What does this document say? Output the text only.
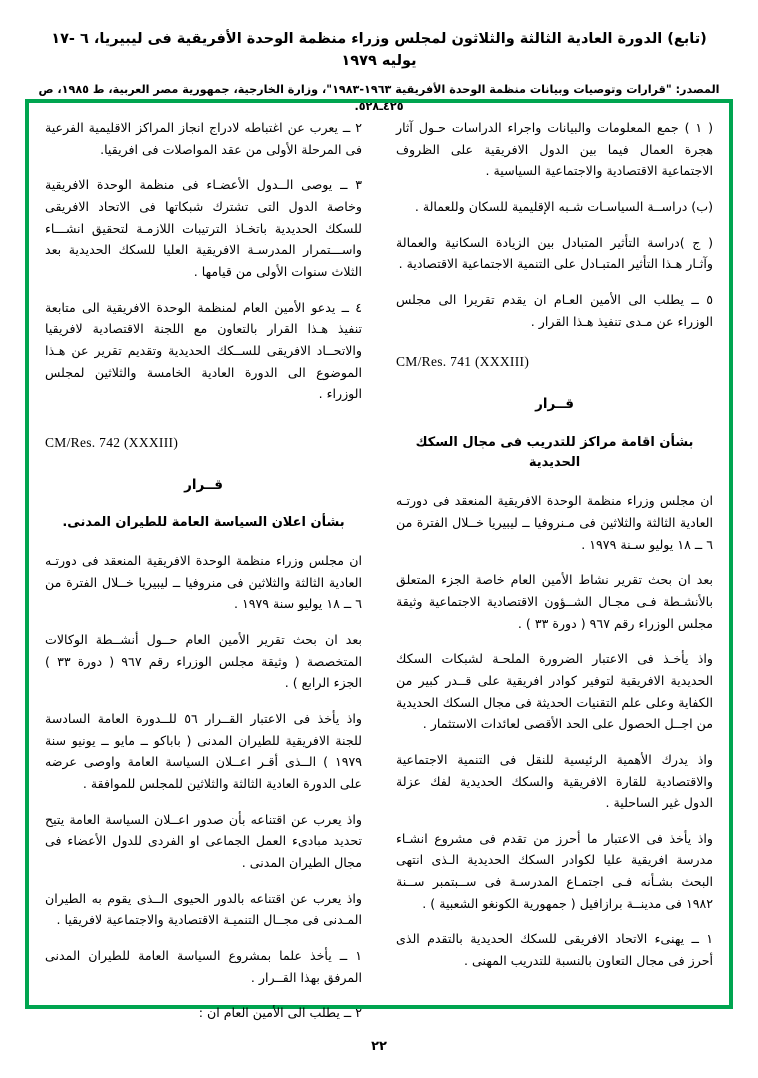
(تابع) الدورة العادية الثالثة والثلاثون لمجلس وزراء منظمة الوحدة الأفريقية فى ليبيريا، ٦ -١٧ يوليه ١٩٧٩
المصدر: "قرارات وتوصيات وبيانات منظمة الوحدة الأفريقية ١٩٦٣-١٩٨٣"، وزارة الخارجية، جمهورية مصر العربية، ط ١٩٨٥، ص ٤٢٥ـ٥٢٨.

( ١ ) جمع المعلومات والبيانات واجراء الدراسات حـول آثار هجرة العمال فيما بين الدول الافريقية على الظروف الاجتماعية الاقتصادية والاجتماعية السياسية .

(ب) دراســة السياسـات شـبه الإقليمية للسكان وللعمالة .

( ج )دراسة التأثير المتبادل بين الزيادة السكانية والعمالة وآثـار هـذا التأثير المتبـادل على التنمية الاجتماعية الاقتصادية .

٥ ــ يطلب الى الأمين العـام ان يقدم تقريرا الى مجلس الوزراء عن مـدى تنفيذ هـذا القرار .

CM/Res. 741 (XXXIII)
قــرار
بشأن اقامة مراكز للتدريب فى مجال السكك الحديدية

ان مجلس وزراء منظمة الوحدة الافريقية المنعقد فى دورتـه العادية الثالثة والثلاثين فى مـنروفيا ــ ليبيريا خــلال الفترة من ٦ ــ ١٨ يوليو سـنة ١٩٧٩ .

بعد ان بحث تقرير نشاط الأمين العام خاصة الجزء المتعلق بالأنشـطة فـى مجـال الشــؤون الاقتصادية الاجتماعية وثيقة مجلس الوزراء رقم ٩٦٧ ( دورة ٣٣ ) .

واذ يأخـذ فى الاعتبار الضرورة الملحـة لشبكات السكك الحديدية الافريقية لتوفير كوادر افريقية على قــدر كبير من الكفاية وعلى علم التقنيات الحديثة فى مجال السكك الحديدية من اجــل الحصول على الحد الأقصى لعائدات الاستثمار .

واذ يدرك الأهمية الرئيسية للنقل فى التنمية الاجتماعية والاقتصادية للقارة الافريقية والسكك الحديدية لفك عزلة الدول غير الساحلية .

واذ يأخذ فى الاعتبار ما أحرز من تقدم فى مشروع انشـاء مدرسة افريقية عليا لكوادر السكك الحديدية الـذى انتهى البحث بشـأنه فـى اجتمـاع المدرسـة فى ســبتمبر ســنة ١٩٨٢ فى مدينــة برازافيل ( جمهورية الكونغو الشعبية ) .

١ ــ يهنىء الاتحاد الافريقى للسكك الحديدية بالتقدم الذى أحرز فى مجال التعاون بالنسبة للتدريب المهنى .

٢ ــ يعرب عن اغتباطه لادراج انجاز المراكز الاقليمية الفرعية فى المرحلة الأولى من عقد المواصلات فى افريقيا.

٣ ــ يوصى الــدول الأعضـاء فى منظمة الوحدة الافريقية وخاصة الدول التى تشترك شبكاتها فى الاتحاد الافريقى للسكك الحديدية باتخـاذ الترتيبات اللازمـة لتحقيق انشـــاء واســـتمرار المدرسـة الافريقية العليا للسكك الحديدية بعد الثلاث سنوات الأولى من قيامها .

٤ ــ يدعو الأمين العام لمنظمة الوحدة الافريقية الى متابعة تنفيذ هـذا القرار بالتعاون مع اللجنة الاقتصادية لافريقيا والاتحــاد الافريقى للســكك الحديدية وتقديم تقرير عن هـذا الموضوع الى الدورة العادية الخامسة والثلاثين لمجلس الوزراء .

CM/Res. 742 (XXXIII)
قــرار
بشأن اعلان السياسة العامة للطيران المدنى.

ان مجلس وزراء منظمة الوحدة الافريقية المنعقد فى دورتـه العادية الثالثة والثلاثين فى منروفيا ــ ليبيريا خــلال الفترة من ٦ ــ ١٨ يوليو سنة ١٩٧٩ .

بعد ان بحث تقرير الأمين العام حــول أنشــطة الوكالات المتخصصة ( وثيقة مجلس الوزراء رقم ٩٦٧ ( دورة ٣٣ ) الجزء الرابع ) .

واذ يأخذ فى الاعتبار القــرار ٥٦ للــدورة العامة السادسة للجنة الافريقية للطيران المدنى ( باباكو ــ مايو ــ يونيو سنة ١٩٧٩ ) الــذى أقـر اعــلان السياسة العامة واوصى عرضه على الدورة العادية الثالثة والثلاثين للمجلس للموافقة .

واذ يعرب عن اقتناعه بأن صدور اعــلان السياسة العامة يتيح تحديد مبادىء العمل الجماعى او الفردى للدول الأعضاء فى مجال الطيران المدنى .

واذ يعرب عن اقتناعه بالدور الحيوى الــذى يقوم به الطيران المـدنى فى مجــال التنميـة الاقتصادية والاجتماعية لافريقيا .

١ ــ يأخذ علما بمشروع السياسة العامة للطيران المدنى المرفق بهذا القــرار .

٢ ــ يطلب الى الأمين العام ان :

٢٢
